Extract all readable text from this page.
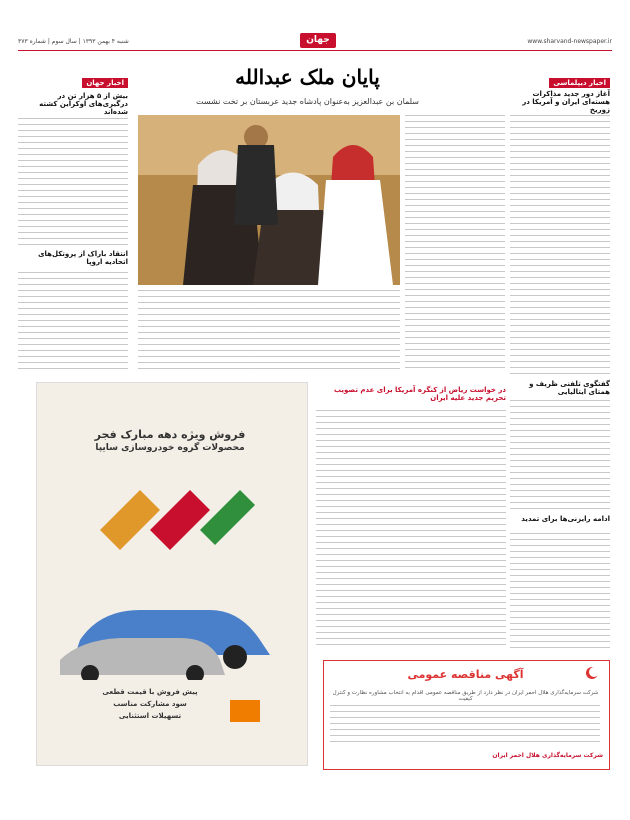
شنبه ۴ بهمن ۱۳۹۳ | سال سوم | شماره ۳۷۳	www.sharvand-newspaper.ir
جهان
پایان ملک عبدالله
سلمان بن عبدالعزیز به‌عنوان پادشاه جدید عربستان بر تخت نشست
اخبار جهان
بیش از ۵ هزار تن در درگیری‌های اوکراین کشته شده‌اند
انتقاد باراک از پروتکل‌های اتحادیه اروپا
اخبار دیپلماسی
آغاز دور جدید مذاکرات هسته‌ای ایران و آمریکا در زوریخ
گفتگوی تلفنی ظریف و همتای ایتالیایی
ادامه رایزنی‌ها برای تمدید
در خواست ریاض از کنگره آمریکا برای عدم تصویب تحریم جدید علیه ایران
فروش ویژه دهه مبارک فجر
محصولات گروه خودروسازی سایپا
پیش فروش با قیمت قطعی
سود مشارکت مناسب
تسهیلات استثنایی
آگهی مناقصه عمومی
شرکت سرمایه‌گذاری هلال احمر ایران در نظر دارد از طریق مناقصه عمومی اقدام به انتخاب مشاوره نظارت و کنترل کیفیت
شرکت سرمایه‌گذاری هلال احمر ایران
